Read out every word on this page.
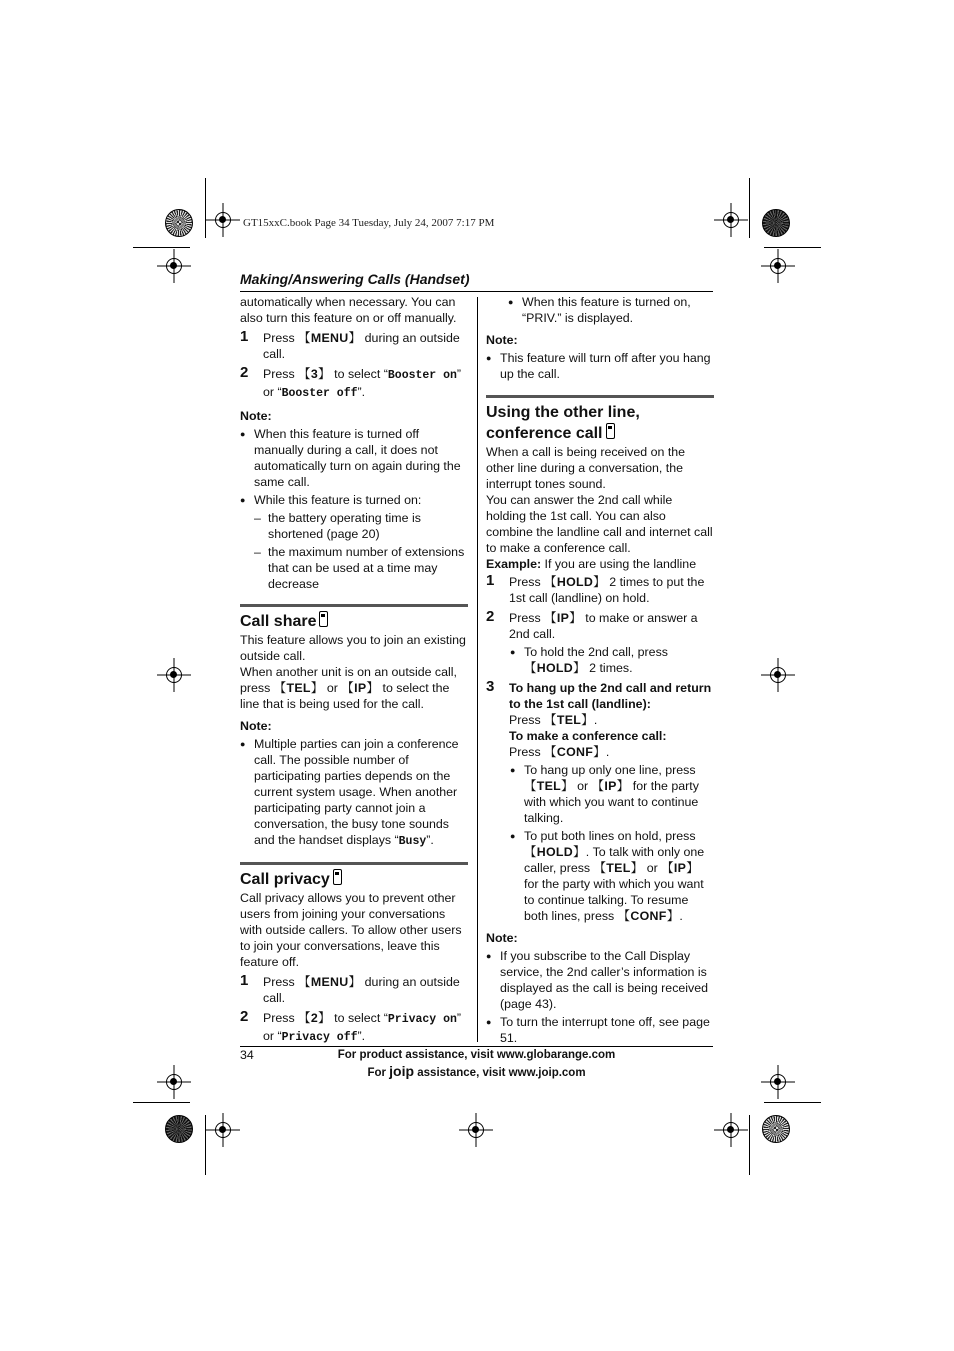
GT15xxC.book Page 34 Tuesday, July 24, 2007 7:17 PM
Making/Answering Calls (Handset)

automatically when necessary. You can also turn this feature on or off manually.

1 Press 【 MENU 】 during an outside call.

2 Press 【 3 】 to select “Booster on” or “Booster off”.

Note:

● When this feature is turned off manually during a call, it does not automatically turn on again during the same call.

● While this feature is turned on:

– the battery operating time is shortened (page 20)

– the maximum number of extensions that can be used at a time may decrease

Call share

This feature allows you to join an existing outside call.

When another unit is on an outside call, press 【 TEL 】 or 【 IP 】 to select the line that is being used for the call.

Note:

● Multiple parties can join a conference call. The possible number of participating parties depends on the current system usage. When another participating party cannot join a conversation, the busy tone sounds and the handset displays “Busy”.

Call privacy

Call privacy allows you to prevent other users from joining your conversations with outside callers. To allow other users to join your conversations, leave this feature off.

1 Press 【 MENU 】 during an outside call.

2 Press 【 2 】 to select “Privacy on” or “Privacy off”.

● When this feature is turned on, “PRIV.” is displayed.

Note:

● This feature will turn off after you hang up the call.

Using the other line,
conference call

When a call is being received on the other line during a conversation, the interrupt tones sound.

You can answer the 2nd call while holding the 1st call. You can also combine the landline call and internet call to make a conference call.

Example: If you are using the landline

1 Press 【 HOLD 】 2 times to put the 1st call (landline) on hold.

2 Press 【 IP 】 to make or answer a 2nd call.

● To hold the 2nd call, press 【 HOLD 】 2 times.

3 To hang up the 2nd call and return to the 1st call (landline):
Press 【 TEL 】 .
To make a conference call:
Press 【 CONF 】 .

● To hang up only one line, press 【 TEL 】 or 【 IP 】 for the party with which you want to continue talking.

● To put both lines on hold, press 【 HOLD 】 . To talk with only one caller, press 【 TEL 】 or 【 IP 】 for the party with which you want to continue talking. To resume both lines, press 【 CONF 】 .

Note:

● If you subscribe to the Call Display service, the 2nd caller’s information is displayed as the call is being received (page 43).

● To turn the interrupt tone off, see page 51.

34	For product assistance, visit www.globarange.com
For joip assistance, visit www.joip.com
